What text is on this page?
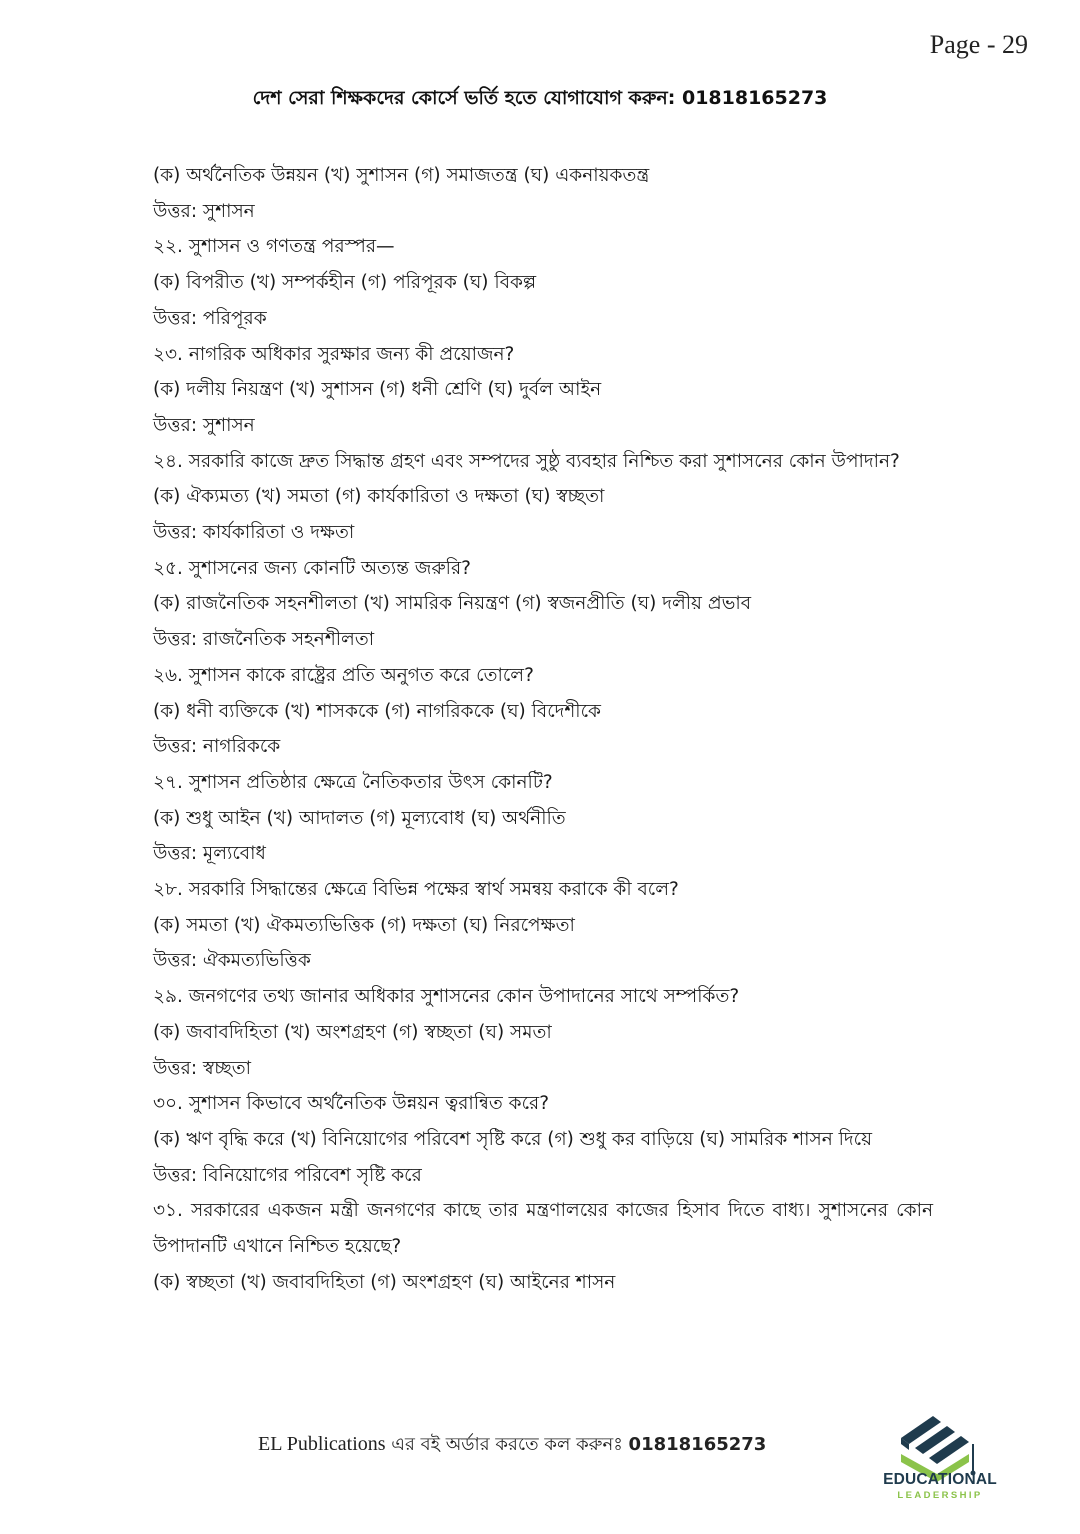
Page - 29
দেশ সেরা শিক্ষকদের কোর্সে ভর্তি হতে যোগাযোগ করুন: 01818165273
(ক) অর্থনৈতিক উন্নয়ন (খ) সুশাসন (গ) সমাজতন্ত্র (ঘ) একনায়কতন্ত্র
উত্তর: সুশাসন
২২. সুশাসন ও গণতন্ত্র পরস্পর—
(ক) বিপরীত (খ) সম্পর্কহীন (গ) পরিপূরক (ঘ) বিকল্প
উত্তর: পরিপূরক
২৩. নাগরিক অধিকার সুরক্ষার জন্য কী প্রয়োজন?
(ক) দলীয় নিয়ন্ত্রণ (খ) সুশাসন (গ) ধনী শ্রেণি (ঘ) দুর্বল আইন
উত্তর: সুশাসন
২৪. সরকারি কাজে দ্রুত সিদ্ধান্ত গ্রহণ এবং সম্পদের সুষ্ঠু ব্যবহার নিশ্চিত করা সুশাসনের কোন উপাদান?
(ক) ঐক্যমত্য (খ) সমতা (গ) কার্যকারিতা ও দক্ষতা (ঘ) স্বচ্ছতা
উত্তর: কার্যকারিতা ও দক্ষতা
২৫. সুশাসনের জন্য কোনটি অত্যন্ত জরুরি?
(ক) রাজনৈতিক সহনশীলতা (খ) সামরিক নিয়ন্ত্রণ (গ) স্বজনপ্রীতি (ঘ) দলীয় প্রভাব
উত্তর: রাজনৈতিক সহনশীলতা
২৬. সুশাসন কাকে রাষ্ট্রের প্রতি অনুগত করে তোলে?
(ক) ধনী ব্যক্তিকে (খ) শাসককে (গ) নাগরিককে (ঘ) বিদেশীকে
উত্তর: নাগরিককে
২৭. সুশাসন প্রতিষ্ঠার ক্ষেত্রে নৈতিকতার উৎস কোনটি?
(ক) শুধু আইন (খ) আদালত (গ) মূল্যবোধ (ঘ) অর্থনীতি
উত্তর: মূল্যবোধ
২৮. সরকারি সিদ্ধান্তের ক্ষেত্রে বিভিন্ন পক্ষের স্বার্থ সমন্বয় করাকে কী বলে?
(ক) সমতা (খ) ঐকমত্যভিত্তিক (গ) দক্ষতা (ঘ) নিরপেক্ষতা
উত্তর: ঐকমত্যভিত্তিক
২৯. জনগণের তথ্য জানার অধিকার সুশাসনের কোন উপাদানের সাথে সম্পর্কিত?
(ক) জবাবদিহিতা (খ) অংশগ্রহণ (গ) স্বচ্ছতা (ঘ) সমতা
উত্তর: স্বচ্ছতা
৩০. সুশাসন কিভাবে অর্থনৈতিক উন্নয়ন ত্বরান্বিত করে?
(ক) ঋণ বৃদ্ধি করে (খ) বিনিয়োগের পরিবেশ সৃষ্টি করে (গ) শুধু কর বাড়িয়ে (ঘ) সামরিক শাসন দিয়ে
উত্তর: বিনিয়োগের পরিবেশ সৃষ্টি করে
৩১. সরকারের একজন মন্ত্রী জনগণের কাছে তার মন্ত্রণালয়ের কাজের হিসাব দিতে বাধ্য। সুশাসনের কোন উপাদানটি এখানে নিশ্চিত হয়েছে?
(ক) স্বচ্ছতা (খ) জবাবদিহিতা (গ) অংশগ্রহণ (ঘ) আইনের শাসন
EL Publications এর বই অর্ডার করতে কল করুনঃ 01818165273
EDUCATIONAL
LEADERSHIP
